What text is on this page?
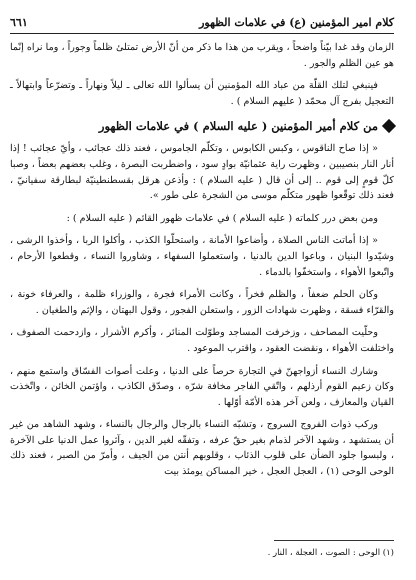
كلام امير المؤمنين (ع) في علامات الظهور
٦٦١

الزمان وقد غدا بيّناً واضحاً ، ويقرب من هذا ما ذكر من أنّ الأرض تمتلئ ظلماً وجوراً ، وما نراه إنّما هو عين الظلم والجور .

فينبغي لتلك القلّة من عباد الله المؤمنين أن يسألوا الله تعالى ـ ليلاً ونهاراً ـ وتضرّعاً وابتهالاً ـ التعجيل بفرج آل محمّد ( عليهم السلام ) .

من كلام أمير المؤمنين ( عليه السلام ) في علامات الظهور

« إذا صاح الناقوس ، وكبس الكابوس ، وتكلّم الجاموس ، فعند ذلك عجائب ، وأيّ عجائب ! إذا أنار النار بنصيبين ، وظهرت راية عثمانيّة بوادٍ سود ، واضطربت البصرة ، وغلب بعضهم بعضاً ، وصبا كلّ قومٍ إلى قوم .. إلى أن قال ( عليه السلام ) : وأذعن هرقل بقسطنطينيّة لبطارقة سفيانيّ ، فعند ذلك توقّعوا ظهور متكلّم موسى من الشجرة على طور ».

ومن بعض درر كلماته ( عليه السلام ) في علامات ظهور القائم ( عليه السلام ) :

« إذا أماتت الناس الصلاة ، وأضاعوا الأمانة ، واستحلّوا الكذب ، وأكلوا الربا ، وأخذوا الرشى ، وشيّدوا البنيان ، وباعوا الدين بالدنيا ، واستعملوا السفهاء ، وشاوروا النساء ، وقطعوا الأرحام ، واتّبعوا الأهواء ، واستخفّوا بالدماء .

وكان الحلم ضعفاً ، والظلم فخراً ، وكانت الأمراء فجرة ، والوزراء ظلمة ، والعرفاء خونة ، والقرّاء فسقة ، وظهرت شهادات الزور ، واستعلن الفجور ، وقول البهتان ، والإثم والطغيان .

وحلّيت المصاحف ، وزخرفت المساجد وطوّلت المنائر ، وأكرم الأشرار ، وازدحمت الصفوف ، واختلفت الأهواء ، ونقضت العقود ، واقترب الموعود .

وشارك النساء أزواجهنّ في التجارة حرصاً على الدنيا ، وعلت أصوات الفسّاق واستمع منهم ، وكان زعيم القوم أرذلهم ، واتّقي الفاجر مخافة شرّه ، وصدّق الكاذب ، واؤتمن الخائن ، واتّخذت القيان والمعازف ، ولعن آخر هذه الأمّة أوّلها .

وركب ذوات الفروج السروج ، وتشبّه النساء بالرجال والرجال بالنساء ، وشهد الشاهد من غير أن يستشهد ، وشهد الآخر لذمام بغير حقّ عرفه ، وتفقّه لغير الدين ، وآثروا عمل الدنيا على الآخرة ، ولبسوا جلود الضأن على قلوب الذئاب ، وقلوبهم أنتن من الجيف ، وأمرّ من الصبر ، فعند ذلك الوحى الوحى (١) ، العجل العجل ، خير المساكن يومئذ بيت

(١) الوحى : الصوت ، العجلة ، النار .
